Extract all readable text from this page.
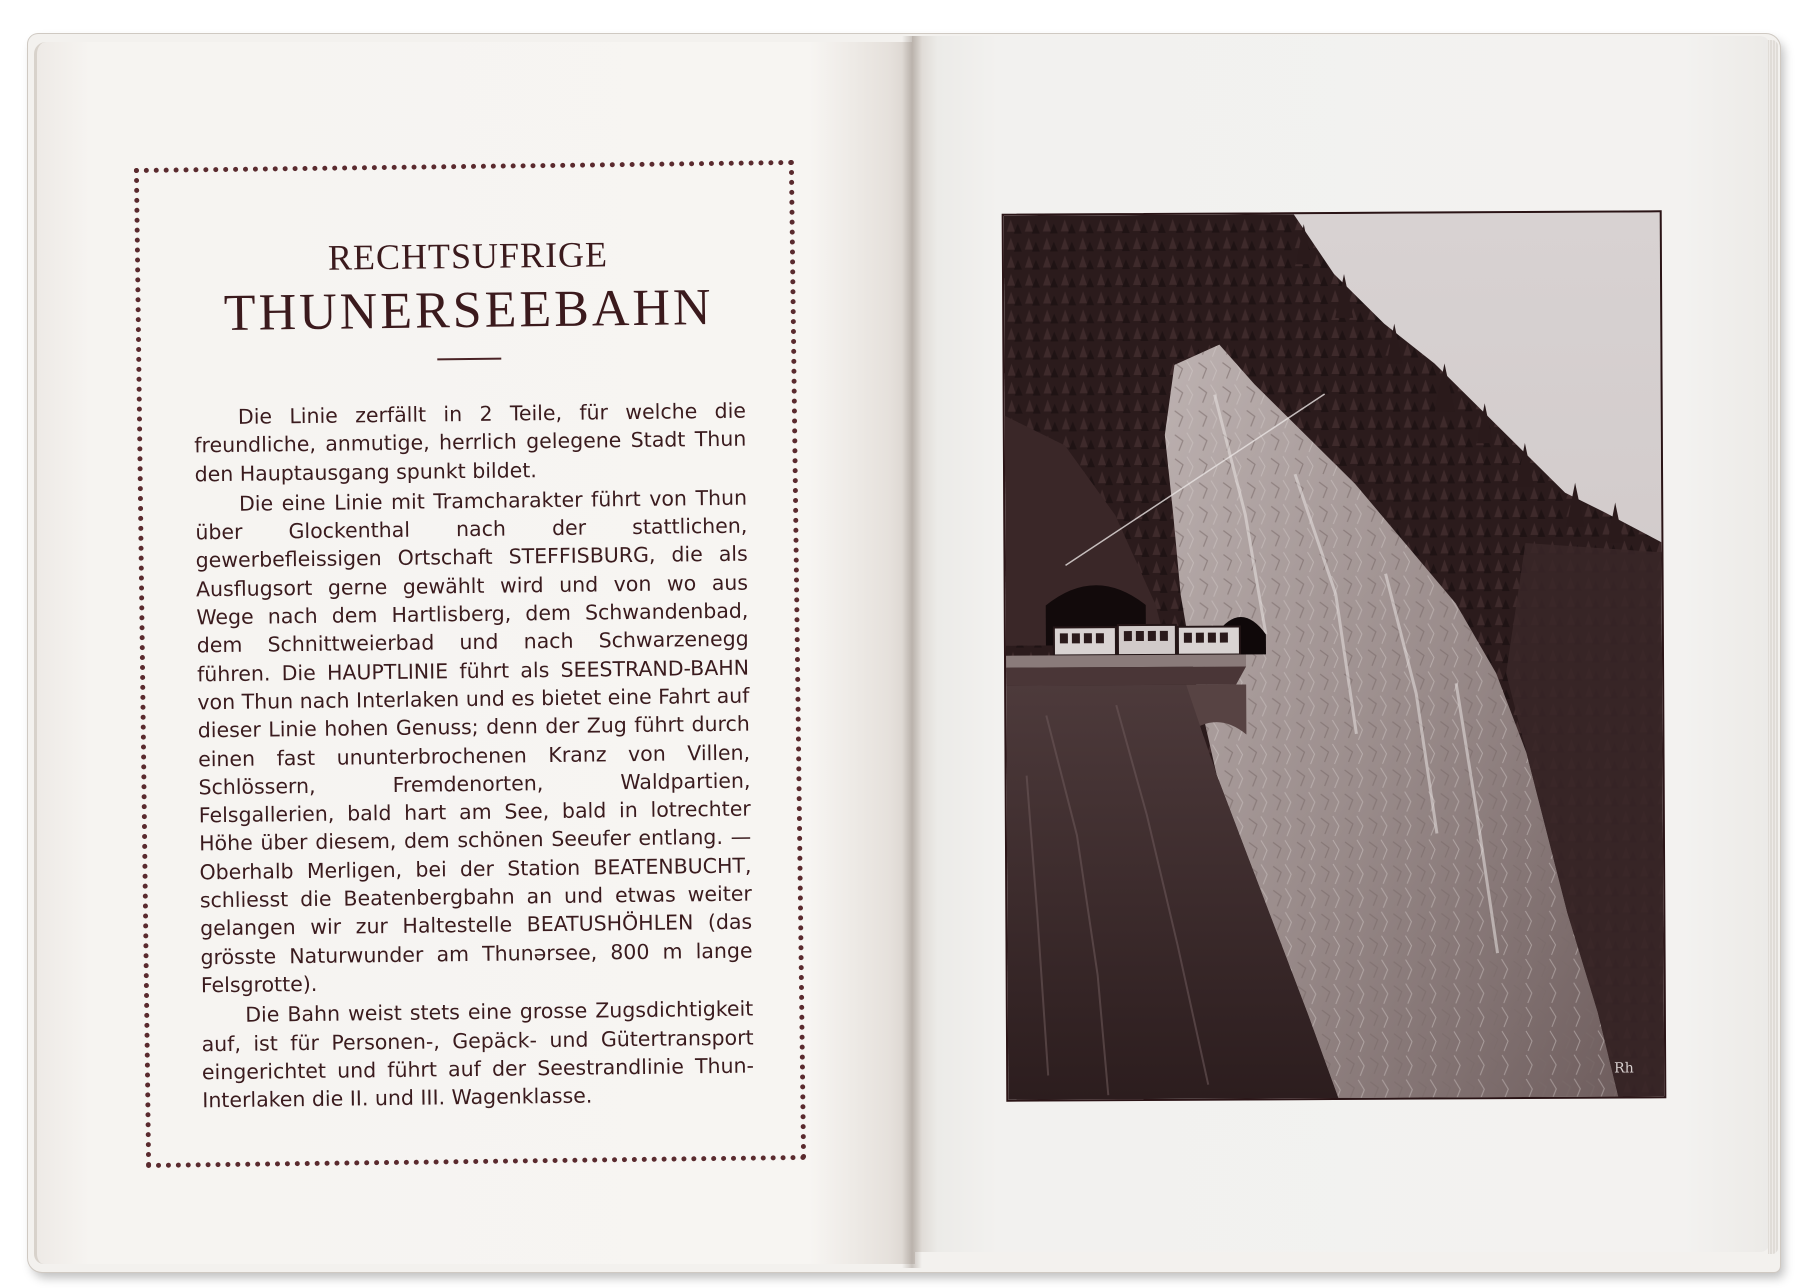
RECHTSUFRIGE
THUNERSEEBAHN

Die Linie zerfällt in 2 Teile, für welche die freundliche, anmutige, herrlich gelegene Stadt Thun den Hauptausgang spunkt bildet.

Die eine Linie mit Tramcharakter führt von Thun über Glockenthal nach der stattlichen, gewerbefleissigen Ortschaft STEFFISBURG, die als Ausflugsort gerne gewählt wird und von wo aus Wege nach dem Hartlisberg, dem Schwandenbad, dem Schnittweierbad und nach Schwarzenegg führen. Die HAUPTLINIE führt als SEESTRAND-BAHN von Thun nach Interlaken und es bietet eine Fahrt auf dieser Linie hohen Genuss; denn der Zug führt durch einen fast ununterbrochenen Kranz von Villen, Schlössern, Fremdenorten, Waldpartien, Felsgallerien, bald hart am See, bald in lotrechter Höhe über diesem, dem schönen Seeufer entlang. — Oberhalb Merligen, bei der Station BEATENBUCHT, schliesst die Beatenbergbahn an und etwas weiter gelangen wir zur Haltestelle BEATUSHÖHLEN (das grösste Naturwunder am Thunərsee, 800 m lange Felsgrotte).

Die Bahn weist stets eine grosse Zugsdichtigkeit auf, ist für Personen-, Gepäck- und Gütertransport eingerichtet und führt auf der Seestrandlinie Thun-Interlaken die II. und III. Wagenklasse.

Rh
